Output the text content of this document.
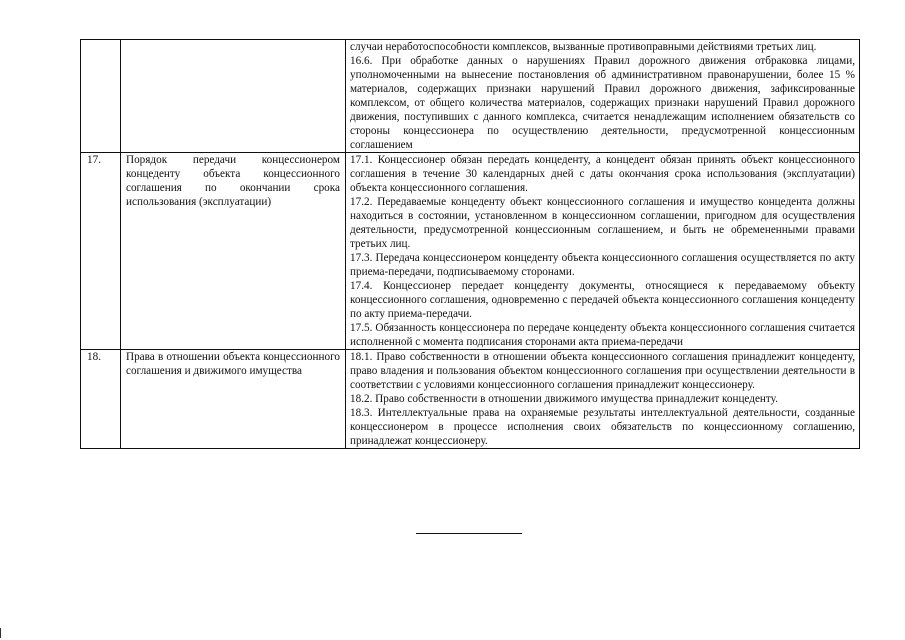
		случаи неработоспособности комплексов, вызванные противоправными действиями третьих лиц.

16.6. При обработке данных о нарушениях Правил дорожного движения отбраковка лицами, уполномоченными на вынесение постановления об административном правонарушении, более 15 % материалов, содержащих признаки нарушений Правил дорожного движения, зафиксированные комплексом, от общего количества материалов, содержащих признаки нарушений Правил дорожного движения, поступивших с данного комплекса, считается ненадлежащим исполнением обязательств со стороны концессионера по осуществлению деятельности, предусмотренной концессионным соглашением

17.	Порядок передачи концессионером концеденту объекта концессионного соглашения по окончании срока использования (эксплуатации)	17.1. Концессионер обязан передать концеденту, а концедент обязан принять объект концессионного соглашения в течение 30 календарных дней с даты окончания срока использования (эксплуатации) объекта концессионного соглашения.

17.2. Передаваемые концеденту объект концессионного соглашения и имущество концедента должны находиться в состоянии, установленном в концессионном соглашении, пригодном для осуществления деятельности, предусмотренной концессионным соглашением, и быть не обремененными правами третьих лиц.

17.3. Передача концессионером концеденту объекта концессионного соглашения осуществляется по акту приема-передачи, подписываемому сторонами.

17.4. Концессионер передает концеденту документы, относящиеся к передаваемому объекту концессионного соглашения, одновременно с передачей объекта концессионного соглашения концеденту по акту приема-передачи.

17.5. Обязанность концессионера по передаче концеденту объекта концессионного соглашения считается исполненной с момента подписания сторонами акта приема-передачи

18.	Права в отношении объекта концессионного соглашения и движимого имущества	18.1. Право собственности в отношении объекта концессионного соглашения принадлежит концеденту, право владения и пользования объектом концессионного соглашения при осуществлении деятельности в соответствии с условиями концессионного соглашения принадлежит концессионеру.

18.2. Право собственности в отношении движимого имущества принадлежит концеденту.

18.3. Интеллектуальные права на охраняемые результаты интеллектуальной деятельности, созданные концессионером в процессе исполнения своих обязательств по концессионному соглашению, принадлежат концессионеру.
